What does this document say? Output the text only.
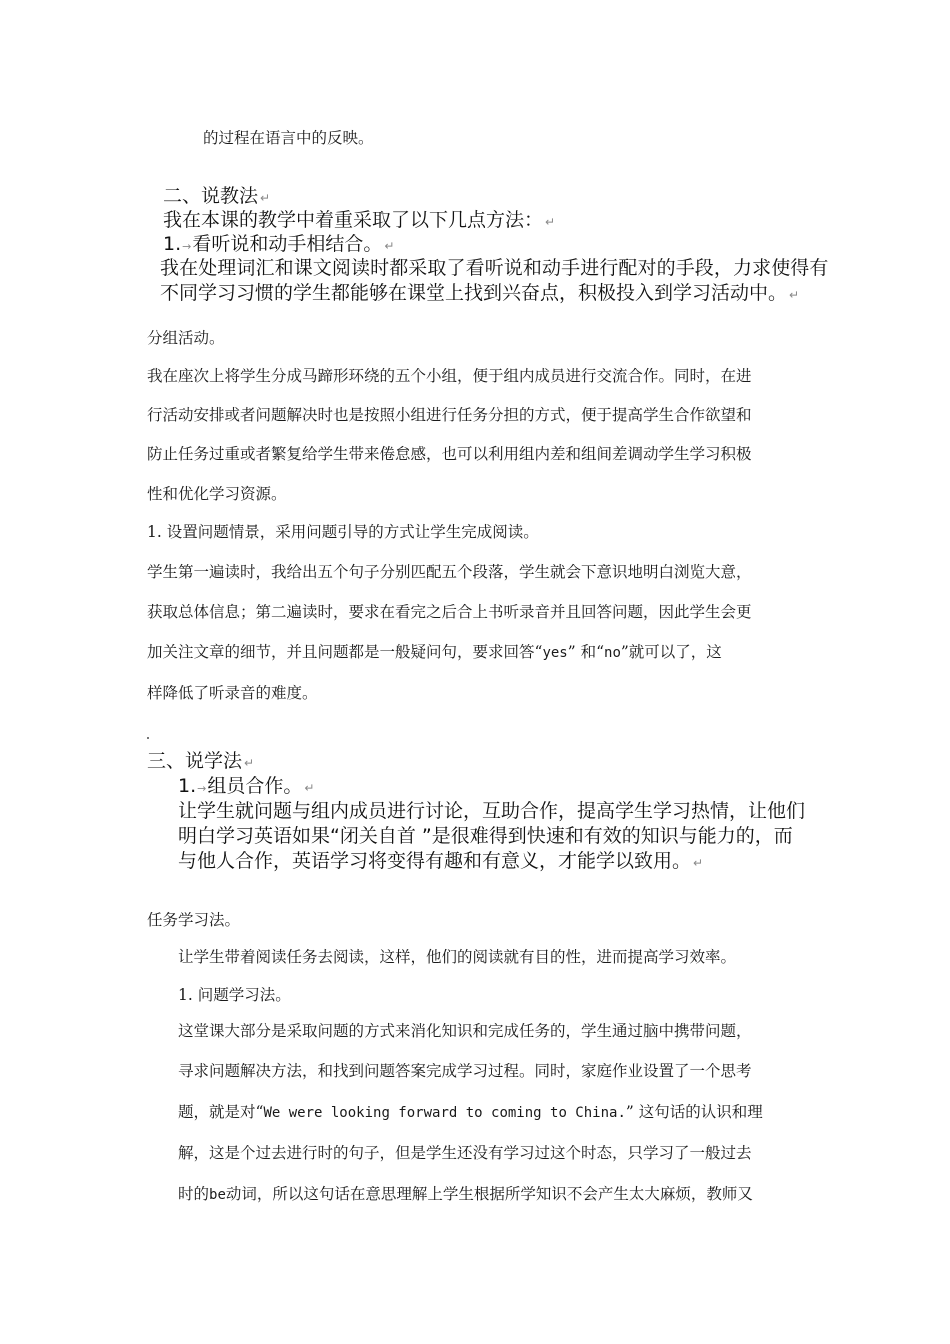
的过程在语言中的反映。
二、说教法 ↵
我在本课的教学中着重采取了以下几点方法： ↵
1.→看听说和动手相结合。 ↵
我在处理词汇和课文阅读时都采取了看听说和动手进行配对的手段，力求使得有
不同学习习惯的学生都能够在课堂上找到兴奋点，积极投入到学习活动中。 ↵
分组活动。
我在座次上将学生分成马蹄形环绕的五个小组，便于组内成员进行交流合作。同时，在进
行活动安排或者问题解决时也是按照小组进行任务分担的方式，便于提高学生合作欲望和
防止任务过重或者繁复给学生带来倦怠感，也可以利用组内差和组间差调动学生学习积极
性和优化学习资源。
1. 设置问题情景，采用问题引导的方式让学生完成阅读。
学生第一遍读时，我给出五个句子分别匹配五个段落，学生就会下意识地明白浏览大意，
获取总体信息；第二遍读时，要求在看完之后合上书听录音并且回答问题，因此学生会更
加关注文章的细节，并且问题都是一般疑问句，要求回答“yes” 和“no”就可以了，这
样降低了听录音的难度。
三、说学法 ↵
1.→组员合作。 ↵
让学生就问题与组内成员进行讨论，互助合作，提高学生学习热情，让他们
明白学习英语如果“闭关自首 ”是很难得到快速和有效的知识与能力的，而
与他人合作，英语学习将变得有趣和有意义，才能学以致用。 ↵
任务学习法。
让学生带着阅读任务去阅读，这样，他们的阅读就有目的性，进而提高学习效率。
1. 问题学习法。
这堂课大部分是采取问题的方式来消化知识和完成任务的，学生通过脑中携带问题，
寻求问题解决方法，和找到问题答案完成学习过程。同时，家庭作业设置了一个思考
题，就是对“We were looking forward to coming to China.” 这句话的认识和理
解，这是个过去进行时的句子，但是学生还没有学习过这个时态，只学习了一般过去
时的be动词，所以这句话在意思理解上学生根据所学知识不会产生太大麻烦，教师又
